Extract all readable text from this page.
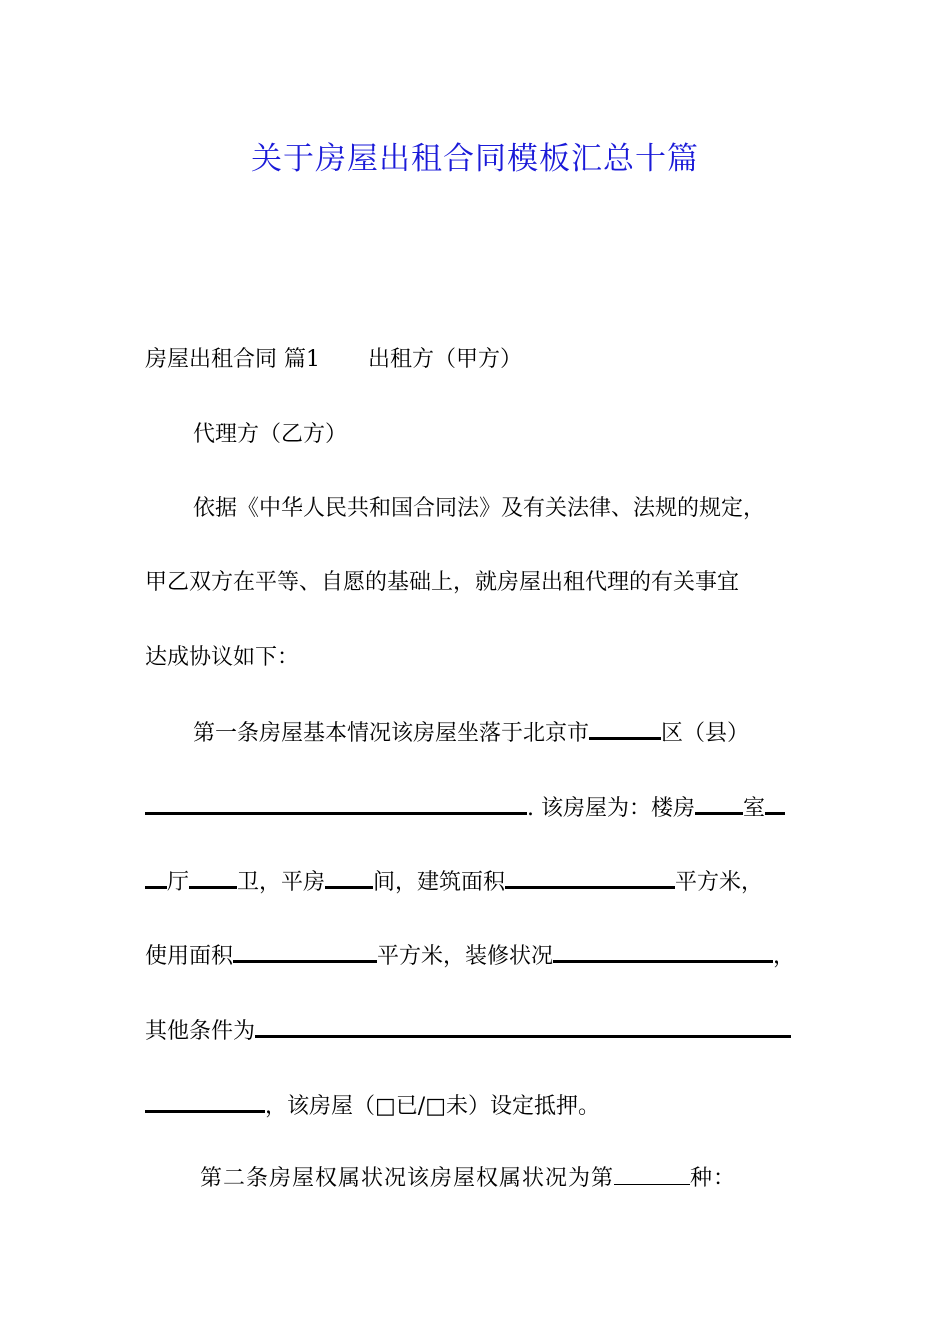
关于房屋出租合同模板汇总十篇
房屋出租合同 篇1 出租方（甲方）
代理方（乙方）
依据《中华人民共和国合同法》及有关法律、法规的规定，
甲乙双方在平等、自愿的基础上，就房屋出租代理的有关事宜
达成协议如下：
第一条房屋基本情况该房屋坐落于北京市	区（县）
. 该房屋为：楼房 室
厅 卫，平房 间，建筑面积	平方米，
使用面积	平方米，装修状况	，
其他条件为
，该房屋（□已/□未）设定抵押。
第二条房屋权属状况该房屋权属状况为第	种：
